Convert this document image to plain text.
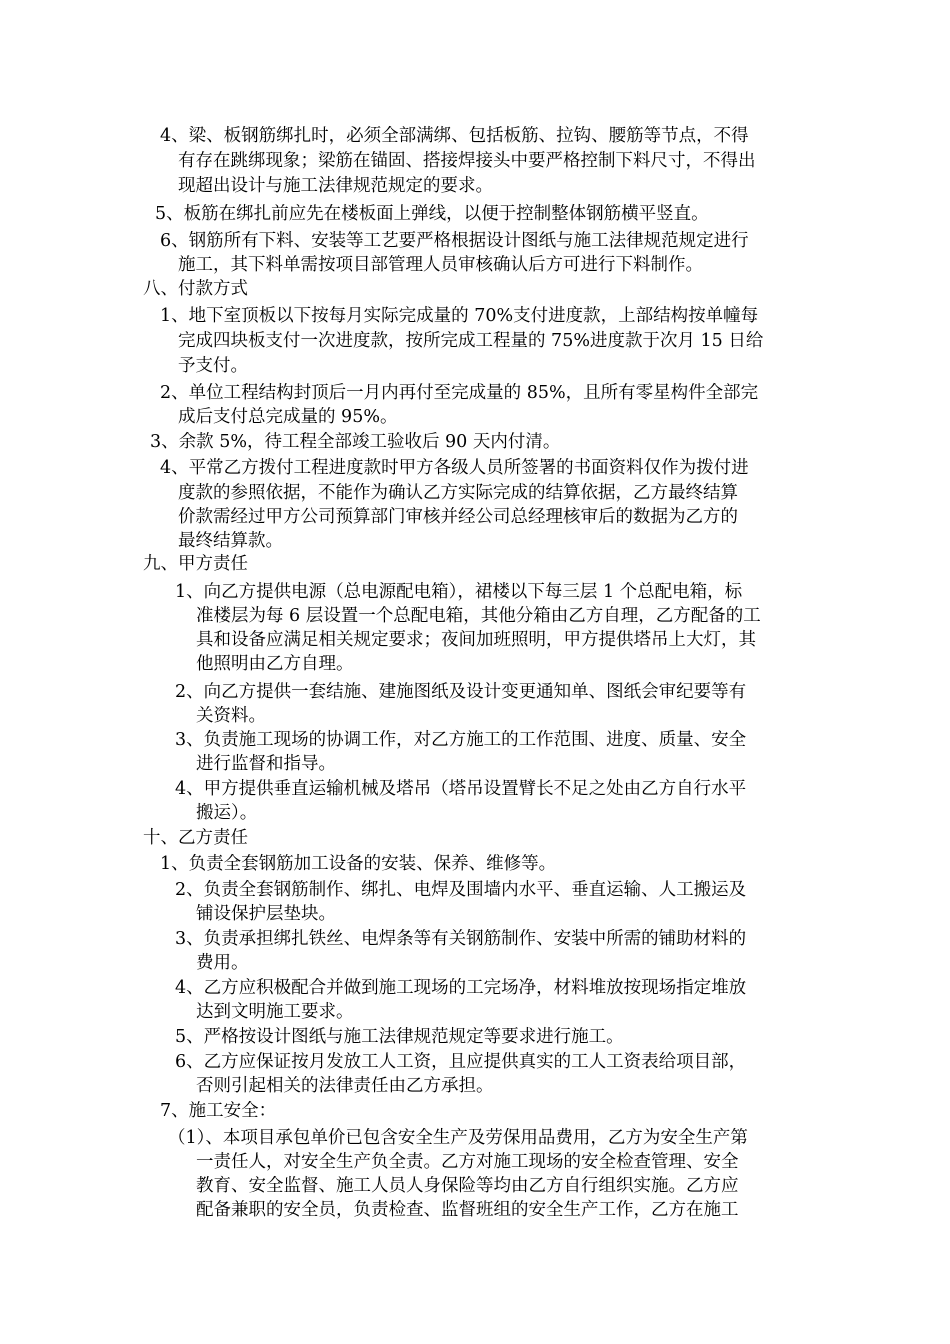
4、梁、板钢筋绑扎时，必须全部满绑、包括板筋、拉钩、腰筋等节点，不得
有存在跳绑现象；梁筋在锚固、搭接焊接头中要严格控制下料尺寸，不得出
现超出设计与施工法律规范规定的要求。
5、板筋在绑扎前应先在楼板面上弹线，以便于控制整体钢筋横平竖直。
6、钢筋所有下料、安装等工艺要严格根据设计图纸与施工法律规范规定进行
施工，其下料单需按项目部管理人员审核确认后方可进行下料制作。
八、付款方式
1、地下室顶板以下按每月实际完成量的 70%支付进度款，上部结构按单幢每
完成四块板支付一次进度款，按所完成工程量的 75%进度款于次月 15 日给
予支付。
2、单位工程结构封顶后一月内再付至完成量的 85%，且所有零星构件全部完
成后支付总完成量的 95%。
3、余款 5%，待工程全部竣工验收后 90 天内付清。
4、平常乙方拨付工程进度款时甲方各级人员所签署的书面资料仅作为拨付进
度款的参照依据，不能作为确认乙方实际完成的结算依据，乙方最终结算
价款需经过甲方公司预算部门审核并经公司总经理核审后的数据为乙方的
最终结算款。
九、甲方责任
1、向乙方提供电源（总电源配电箱），裙楼以下每三层 1 个总配电箱，标
准楼层为每 6 层设置一个总配电箱，其他分箱由乙方自理，乙方配备的工
具和设备应满足相关规定要求；夜间加班照明，甲方提供塔吊上大灯，其
他照明由乙方自理。
2、向乙方提供一套结施、建施图纸及设计变更通知单、图纸会审纪要等有
关资料。
3、负责施工现场的协调工作，对乙方施工的工作范围、进度、质量、安全
进行监督和指导。
4、甲方提供垂直运输机械及塔吊（塔吊设置臂长不足之处由乙方自行水平
搬运）。
十、乙方责任
1、负责全套钢筋加工设备的安装、保养、维修等。
2、负责全套钢筋制作、绑扎、电焊及围墙内水平、垂直运输、人工搬运及
铺设保护层垫块。
3、负责承担绑扎铁丝、电焊条等有关钢筋制作、安装中所需的铺助材料的
费用。
4、乙方应积极配合并做到施工现场的工完场净，材料堆放按现场指定堆放
达到文明施工要求。
5、严格按设计图纸与施工法律规范规定等要求进行施工。
6、乙方应保证按月发放工人工资，且应提供真实的工人工资表给项目部，
否则引起相关的法律责任由乙方承担。
7、施工安全：
（1）、本项目承包单价已包含安全生产及劳保用品费用，乙方为安全生产第
一责任人，对安全生产负全责。乙方对施工现场的安全检查管理、安全
教育、安全监督、施工人员人身保险等均由乙方自行组织实施。乙方应
配备兼职的安全员，负责检查、监督班组的安全生产工作，乙方在施工
